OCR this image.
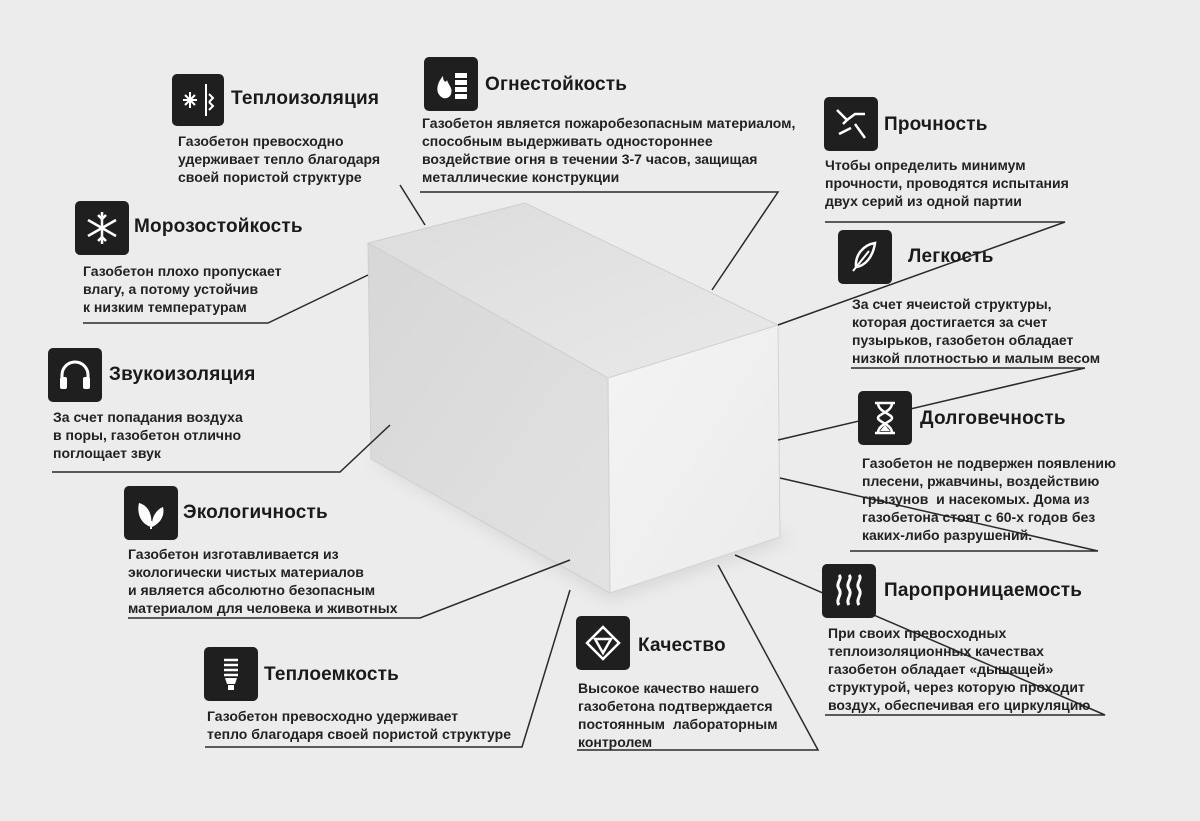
Теплоизоляция
Газобетон превосходно
удерживает тепло благодаря
своей пористой структуре
Огнестойкость
Газобетон является пожаробезопасным материалом,
способным выдерживать одностороннее
воздействие огня в течении 3-7 часов, защищая
металлические конструкции
Прочность
Чтобы определить минимум
прочности, проводятся испытания
двух серий из одной партии
Морозостойкость
Газобетон плохо пропускает
влагу, а потому устойчив
к низким температурам
Легкость
За счет ячеистой структуры,
которая достигается за счет
пузырьков, газобетон обладает
низкой плотностью и малым весом
Звукоизоляция
За счет попадания воздуха
в поры, газобетон отлично
поглощает звук
Долговечность
Газобетон не подвержен появлению
плесени, ржавчины, воздействию
грызунов  и насекомых. Дома из
газобетона стоят с 60-х годов без
каких-либо разрушений.
Экологичность
Газобетон изготавливается из
экологически чистых материалов
и является абсолютно безопасным
материалом для человека и животных
Паропроницаемость
При своих превосходных
теплоизоляционных качествах
газобетон обладает «дышащей»
структурой, через которую проходит
воздух, обеспечивая его циркуляцию
Теплоемкость
Газобетон превосходно удерживает
тепло благодаря своей пористой структуре
Качество
Высокое качество нашего
газобетона подтверждается
постоянным  лабораторным
контролем
